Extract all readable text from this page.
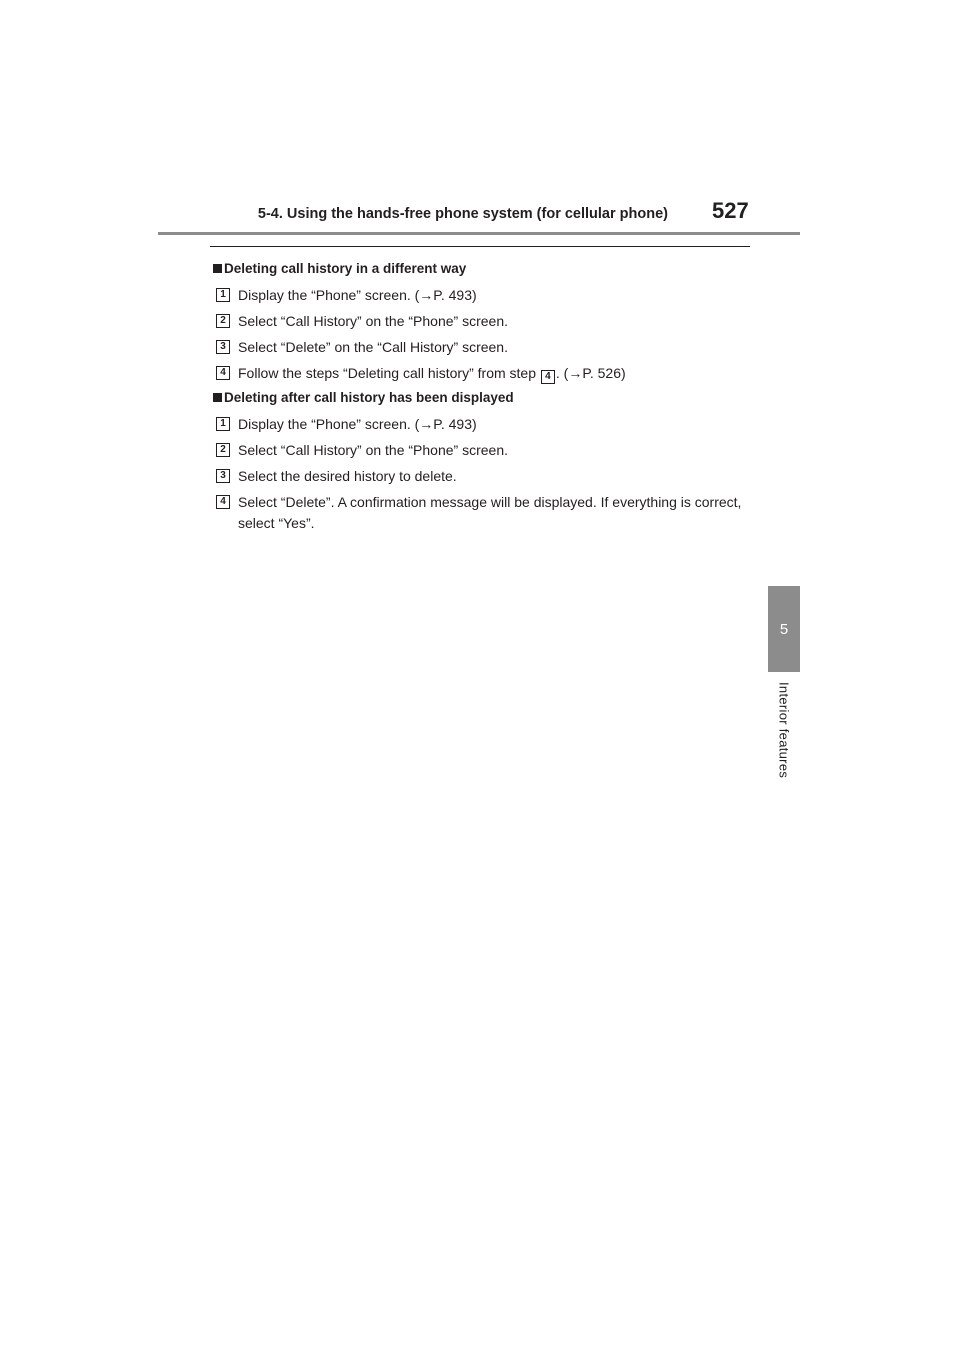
5-4. Using the hands-free phone system (for cellular phone) 527
5
Interior features
Deleting call history in a different way
1 Display the “Phone” screen. (→P. 493)
2 Select “Call History” on the “Phone” screen.
3 Select “Delete” on the “Call History” screen.
4 Follow the steps “Deleting call history” from step 4 . (→P. 526)
Deleting after call history has been displayed
1 Display the “Phone” screen. (→P. 493)
2 Select “Call History” on the “Phone” screen.
3 Select the desired history to delete.
4 Select “Delete”. A confirmation message will be displayed. If everything is correct, select “Yes”.
